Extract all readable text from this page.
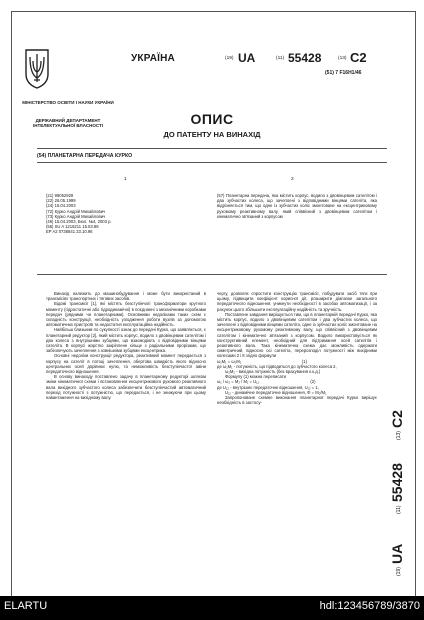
МІНІСТЕРСТВО ОСВІТИ І НАУКИ УКРАЇНИ
ДЕРЖАВНИЙ ДЕПАРТАМЕНТ ІНТЕЛЕКТУАЛЬНОЇ ВЛАСНОСТІ
УКРАЇНА	(19) UA	(11) 55428	(13) C2
(51) 7 F16H1/46
ОПИС
ДО ПАТЕНТУ НА ВИНАХІД
(54) ПЛАНЕТАРНА ПЕРЕДАЧА КУРКО
1	2

(21) 99052929

(22) 26.05.1999

(24) 15.04.2003

(72) Курко Андрій Михайлович

(73) Курко Андрій Михайлович

(46) 15.04.2003, Бюл. №4, 2003 р.

(56) SU A 1216211 15.03.86

EP A2 0736841 23.10.96

(57) Планетарна передача, яка містить корпус, водило з двовінцевим сателітом і два зубчастих колеса, що зачеплені з відповідними вінцями сателіта, яка відрізняється тим, що одне із зубчастих коліс змонтоване на ексцентриковому рухомому реактивному валу, який співвісний з двовінцевим сателітом і кінематично зв'язаний з корпусом

Винахід належить до машинобудування і може бути використаний в трансмісіях транспортних і тягових засобів.

Відомі трансмісії [1], які містять безступінчаті трансформатори крутного моменту (гідростатичні або гідродинамічні) в поєднанні з механічними коробками передач (рядними чи планетарними). Основними недоліками таких схем є складність конструкції, необхідність узгодження роботи вузлів за допомогою автоматичних пристроїв та недостатня експлуатаційна надійність.

Найбільш близьким по сукупності ознак до передачі Курко, що заявляється, є планетарний редуктор [2], який містить корпус, водило з двовінцевим сателітом і два колеса з внутрішніми зубцями, що взаємодіють з відповідними вінцями сателіта. В корпусі жорстко закріплене кільце з радіальними прорізами, що забезпечують зачеплення з зовнішніми зубцями ексцентрика.

Основні недоліки конструкції редуктора, реактивний момент передається з корпусу на сателіт в потоці зачеплення, обертова швидкість якого відносно центральних осей дорівнює нулю, та неможливість безступінчастої зміни передаточного відношення.

В основу винаходу поставлено задачу в планетарному редукторі шляхом зміни кінематичної схеми і встановлення ексцентрикового рухомого реактивного вала вихідного зубчастого колеса забезпечити безступінчастий автоматичний перехід потужності з потужністю, що передається, і не знижуючи при цьому навантаження на вихідному валу.

чергу, дозволяє спростити конструкцію трансмісії, побудувати засіб тяги при цьому, підвищити коефіцієнт корисної дії, розширити діапазон загального передаточного відношення, уникнути необхідності в засобах автоматизації, і за рахунок цього збільшити експлуатаційну надійність та зручність.

Поставлене завдання вирішується тим, що в планетарній передачі Курко, яка містить корпус, водило з двовінцевим сателітом і два зубчастих колеса, що зачеплені з відповідними вінцями сателіта, одне із зубчастих коліс змонтоване на ексцентриковому рухомому реактивному валу, що співвісний з двовінцевим сателітом і кінематично зв'язаний з корпусом. Водило використовується як конструктивний елемент, необхідний для підтримання осей сателітів і реактивного вала. Така кінематична схема дає можливість одержати симетричний, відносно осі сателіта, перерозподіл потужності між вихідними колесами 2 і 8 згідно формули

ω₁M₁ = ω₂M₂                                                    (1)

де ω₁M₁ - потужність, що підводиться до зубчастого колеса 2,

ω₂M₂ - вихідна потужність (без врахування к.к.д.)

Формулу (1) можна переписати

ω₁ / ω₂ = M₂ / M₁ = U₁₂                                            (2)

де U₁₂ - внутрішнє передаточне відношення, U₁₂ = 1,

U₁₂ - динамічне передаточне відношення, Φ = M₂/M₁

Запропоноване схемне виконання планетарної передачі Курко вирішує необхідність в застосу-

(19)
UA
(11)
55428
(13)
C2
ELARTU	hdl:123456789/3870
